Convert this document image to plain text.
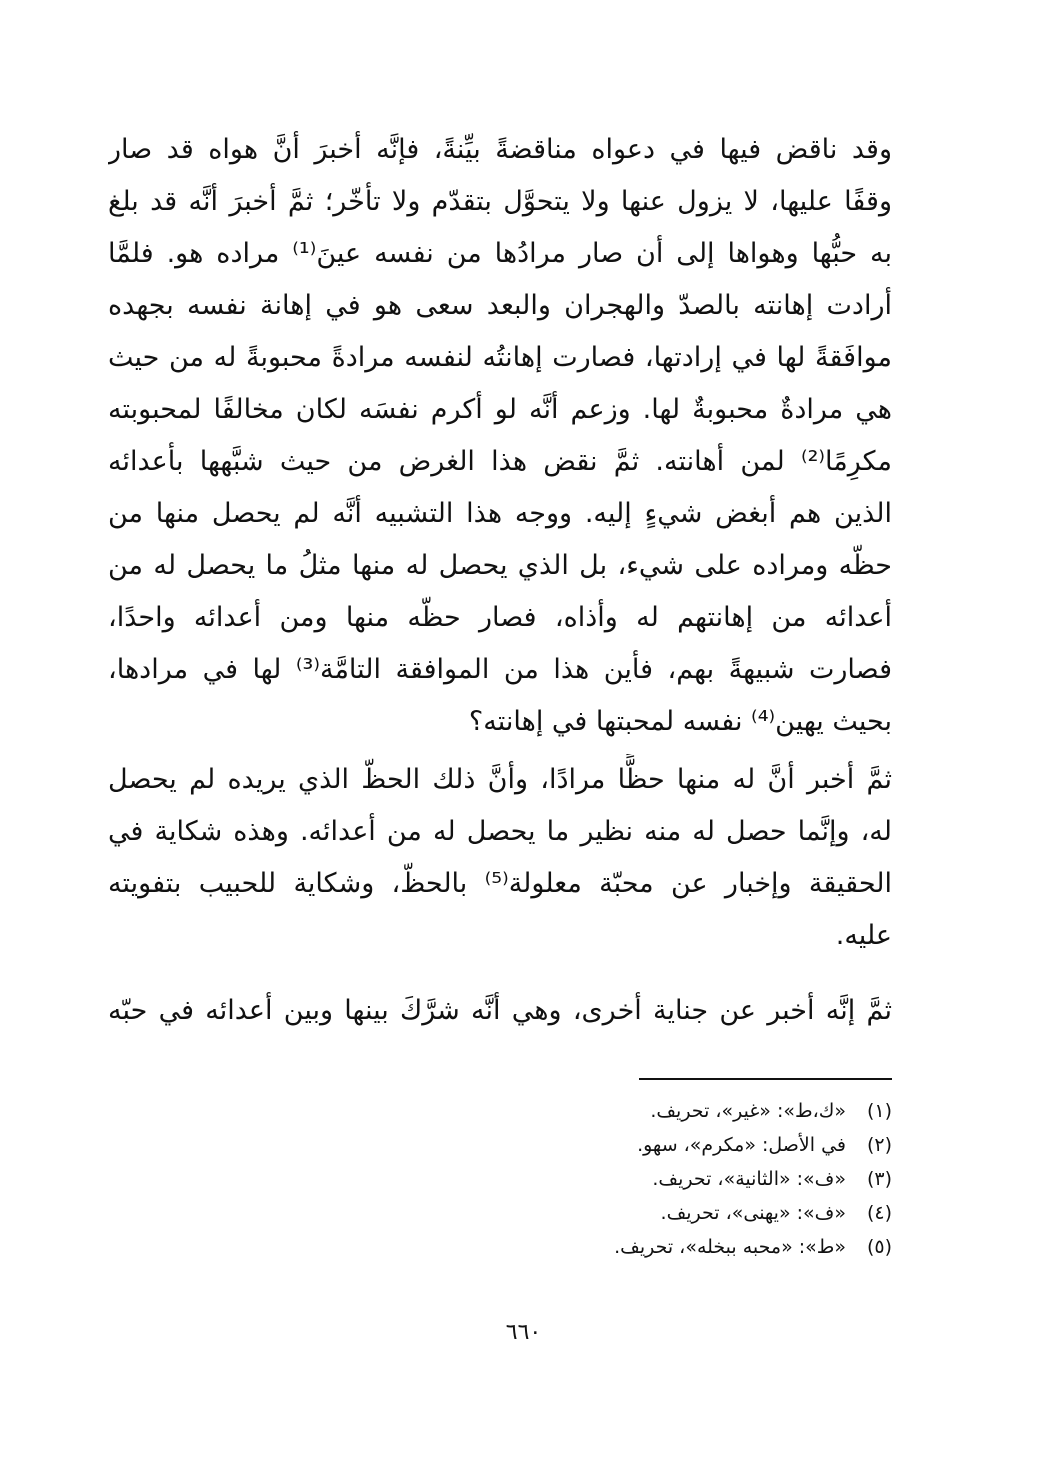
وقد ناقض فيها في دعواه مناقضةً بيِّنةً، فإنَّه أخبرَ أنَّ هواه قد صار
وقفًا عليها، لا يزول عنها ولا يتحوَّل بتقدّم ولا تأخّر؛ ثمَّ أخبرَ أنَّه قد بلغ
به حبُّها وهواها إلى أن صار مرادُها من نفسه عينَ⁽¹⁾ مراده هو. فلمَّا
أرادت إهانته بالصدّ والهجران والبعد سعى هو في إهانة نفسه بجهده
موافَقةً لها في إرادتها، فصارت إهانتُه لنفسه مرادةً محبوبةً له من حيث
هي مرادةٌ محبوبةٌ لها. وزعم أنَّه لو أكرم نفسَه لكان مخالفًا لمحبوبته
مكرِمًا⁽²⁾ لمن أهانته. ثمَّ نقض هذا الغرض من حيث شبَّهها بأعدائه
الذين هم أبغض شيءٍ إليه. ووجه هذا التشبيه أنَّه لم يحصل منها من
حظّه ومراده على شيء، بل الذي يحصل له منها مثلُ ما يحصل له من
أعدائه من إهانتهم له وأذاه، فصار حظّه منها ومن أعدائه واحدًا،
فصارت شبيهةً بهم، فأين هذا من الموافقة التامَّة⁽³⁾ لها في مرادها،
بحيث يهين⁽⁴⁾ نفسه لمحبتها في إهانته؟
ثمَّ أخبر أنَّ له منها حظًّا مرادًا، وأنَّ ذلك الحظّ الذي يريده لم يحصل
له، وإنَّما حصل له منه نظير ما يحصل له من أعدائه. وهذه شكاية في
الحقيقة وإخبار عن محبّة معلولة⁽⁵⁾ بالحظّ، وشكاية للحبيب بتفويته
عليه.
ثمَّ إنَّه أخبر عن جناية أخرى، وهي أنَّه شرَّكَ بينها وبين أعدائه في حبّه
(١)«ك،ط»: «غير»، تحريف.
(٢)في الأصل: «مكرم»، سهو.
(٣)«ف»: «الثانية»، تحريف.
(٤)«ف»: «يهنى»، تحريف.
(٥)«ط»: «محبه ببخله»، تحريف.
٦٦٠
